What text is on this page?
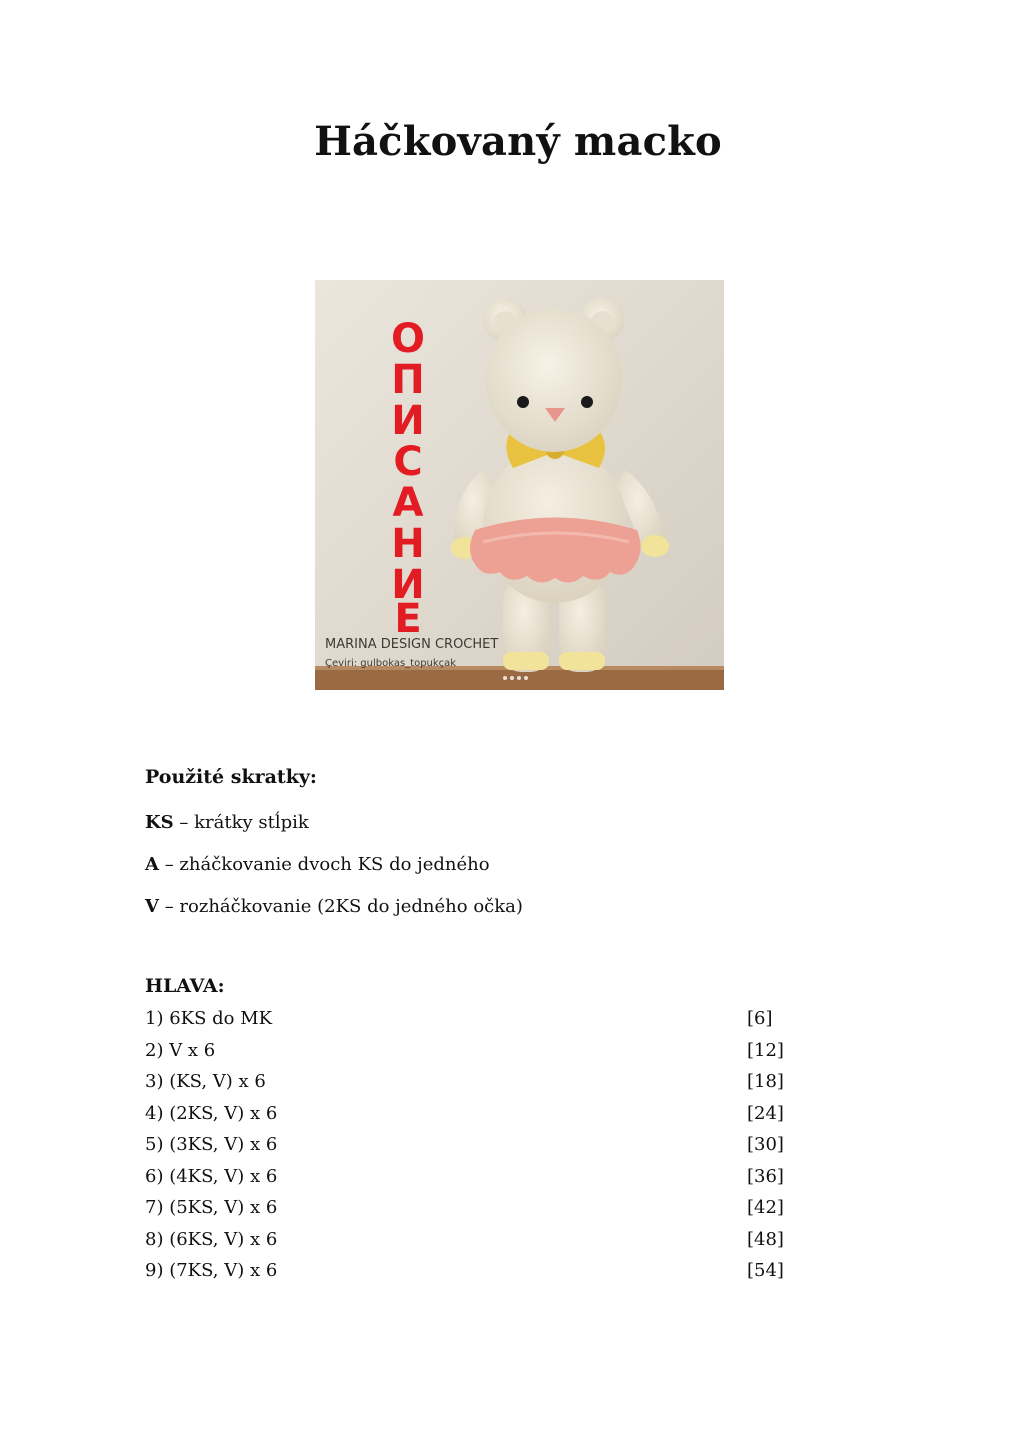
Háčkovaný macko
О
П
И
С
А
Н
И
Е
MARINA DESIGN CROCHET
Çeviri: gulbokas_topukçak
Použité skratky:

KS – krátky stĺpik

A – zháčkovanie dvoch KS do jedného

V – rozháčkovanie (2KS do jedného očka)

HLAVA:
1) 6KS do MK	[6]
2) V x 6	[12]
3) (KS, V) x 6	[18]
4) (2KS, V) x 6	[24]
5) (3KS, V) x 6	[30]
6) (4KS, V) x 6	[36]
7) (5KS, V) x 6	[42]
8) (6KS, V) x 6	[48]
9) (7KS, V) x 6	[54]
